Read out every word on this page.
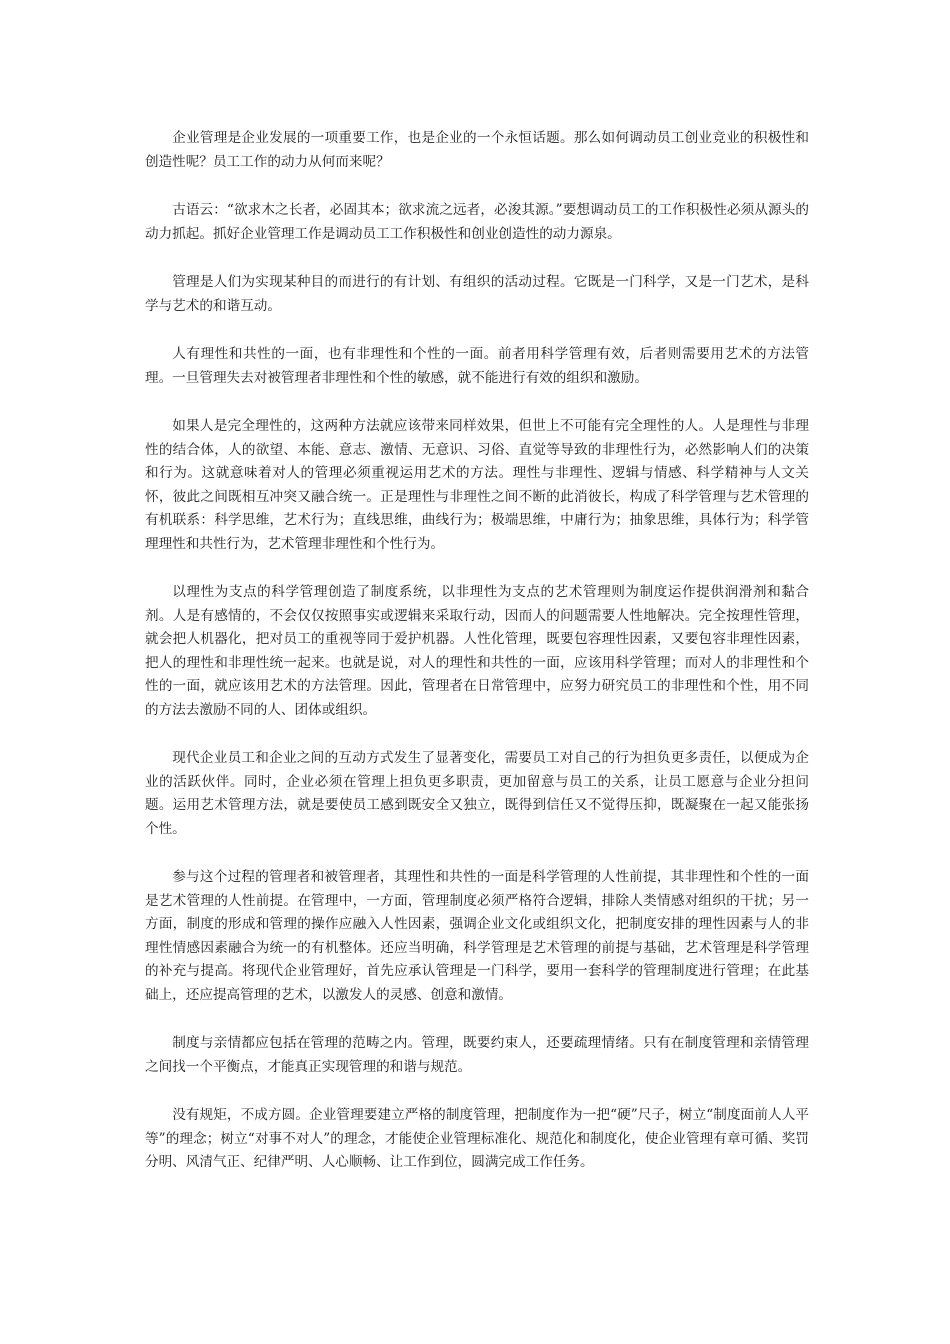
企业管理是企业发展的一项重要工作，也是企业的一个永恒话题。那么如何调动员工创业竞业的积极性和创造性呢？员工工作的动力从何而来呢？

古语云：“欲求木之长者，必固其本；欲求流之远者，必浚其源。”要想调动员工的工作积极性必须从源头的动力抓起。抓好企业管理工作是调动员工工作积极性和创业创造性的动力源泉。

管理是人们为实现某种目的而进行的有计划、有组织的活动过程。它既是一门科学，又是一门艺术，是科学与艺术的和谐互动。

人有理性和共性的一面，也有非理性和个性的一面。前者用科学管理有效，后者则需要用艺术的方法管理。一旦管理失去对被管理者非理性和个性的敏感，就不能进行有效的组织和激励。

如果人是完全理性的，这两种方法就应该带来同样效果，但世上不可能有完全理性的人。人是理性与非理性的结合体，人的欲望、本能、意志、激情、无意识、习俗、直觉等导致的非理性行为，必然影响人们的决策和行为。这就意味着对人的管理必须重视运用艺术的方法。理性与非理性、逻辑与情感、科学精神与人文关怀，彼此之间既相互冲突又融合统一。正是理性与非理性之间不断的此消彼长，构成了科学管理与艺术管理的有机联系：科学思维，艺术行为；直线思维，曲线行为；极端思维，中庸行为；抽象思维，具体行为；科学管理理性和共性行为，艺术管理非理性和个性行为。

以理性为支点的科学管理创造了制度系统，以非理性为支点的艺术管理则为制度运作提供润滑剂和黏合剂。人是有感情的，不会仅仅按照事实或逻辑来采取行动，因而人的问题需要人性地解决。完全按理性管理，就会把人机器化，把对员工的重视等同于爱护机器。人性化管理，既要包容理性因素，又要包容非理性因素，把人的理性和非理性统一起来。也就是说，对人的理性和共性的一面，应该用科学管理；而对人的非理性和个性的一面，就应该用艺术的方法管理。因此，管理者在日常管理中，应努力研究员工的非理性和个性，用不同的方法去激励不同的人、团体或组织。

现代企业员工和企业之间的互动方式发生了显著变化，需要员工对自己的行为担负更多责任，以便成为企业的活跃伙伴。同时，企业必须在管理上担负更多职责，更加留意与员工的关系，让员工愿意与企业分担问题。运用艺术管理方法，就是要使员工感到既安全又独立，既得到信任又不觉得压抑，既凝聚在一起又能张扬个性。

参与这个过程的管理者和被管理者，其理性和共性的一面是科学管理的人性前提，其非理性和个性的一面是艺术管理的人性前提。在管理中，一方面，管理制度必须严格符合逻辑，排除人类情感对组织的干扰；另一方面，制度的形成和管理的操作应融入人性因素，强调企业文化或组织文化，把制度安排的理性因素与人的非理性情感因素融合为统一的有机整体。还应当明确，科学管理是艺术管理的前提与基础，艺术管理是科学管理的补充与提高。将现代企业管理好，首先应承认管理是一门科学，要用一套科学的管理制度进行管理；在此基础上，还应提高管理的艺术，以激发人的灵感、创意和激情。

制度与亲情都应包括在管理的范畴之内。管理，既要约束人，还要疏理情绪。只有在制度管理和亲情管理之间找一个平衡点，才能真正实现管理的和谐与规范。

没有规矩，不成方圆。企业管理要建立严格的制度管理，把制度作为一把“硬”尺子，树立“制度面前人人平等”的理念；树立“对事不对人”的理念，才能使企业管理标准化、规范化和制度化，使企业管理有章可循、奖罚分明、风清气正、纪律严明、人心顺畅、让工作到位，圆满完成工作任务。
